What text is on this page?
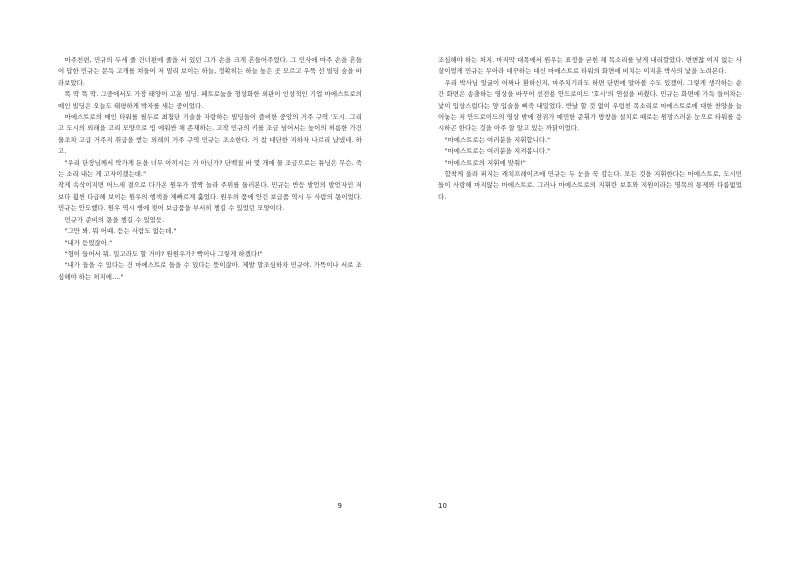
마주친편, 민규의 두세 줄 건너편에 줄을 서 있던 그가 손을 크게 흔들어주었다. 그 인사에 마주 손을 흔들어 답한 민규는 문득 고개를 쳐들어 저 멀리 보이는 하늘, 정확히는 하늘 높은 곳 모르고 우뚝 선 빌딩 숲을 바라보았다.

똑 딱 똑 딱. 그중에서도 가장 태양이 고운 빌딩. 페트로늄을 형상화한 외관이 인상적인 기업 마에스트로의 메인 빌딩은 오늘도 태평하게 박자를 새는 중이었다.

마에스트로의 메인 타워를 필두로 최첨단 기술을 자랑하는 빌딩들이 즐비한 중앙의 거주 구역 '도시. 그리고 도시의 외래을 고리 모양으로 빙 에워싼 채 존재하는, 고작 민규의 키를 조금 넘어서는 높이의 허름한 가건물조차 고급 거주지 취급을 받는 외래의 거주 구역 민규는 조소한다. 거 참 대단한 지하자 나르리 납냈네. 하고.

"우리 단장님께서 악가게 돈을 너무 아끼시는 거 아닌가? 단백질 바 몇 개에 물 조금으로는 튜닝은 무슨. 죽는 소리 내는 게 고자이겠는데."

작게 속삭이지면 어느새 곁으로 다가온 원우가 깜짝 놀라 주위를 둘러본다. 민규는 반등 발언의 발언자인 저보다 훨씬 다급해 보이는 원우의 행색을 제빠르게 훑었다. 원우의 품에 안긴 보급품 역시 두 사람의 몫이었다. 민규는 안도했다. 원우 역시 병에 젖어 보급품을 부서히 챙길 수 있었던 모양이다.

민규가 준비의 몫을 챙길 수 있었듯.

"그만 봐. 뭐 어때. 듣는 사람도 없는데."

"내가 듣었잖아."

"형이 들어서 뭐. 밀고라도 할 거야? 원원우가? 빡이나 그렇게 하겠다!"

"내가 들을 수 있다는 건 마에스트로 들을 수 있다는 뜻이잖아. 제발 말조심하자 민규야. 가뜩이나 서로 조심해야 하는 처지에…."

9

조심해야 하는 처지. 마지막 대목에서 원우는 표정을 굳힌 채 목소리를 낮게 내리깔았다. 변변찮 여지 없는 사살이었게 민규는 무아라 대꾸하는 대신 마에스트로 타워의 화면에 비치는 이지훈 박사의 낯을 노려본다.

우리 박사님 얼굴이 어짜나 환하신지, 마주치기라도 하면 단번에 알아볼 수도 있겠어. 그렇게 생각하는 순간 화면은 송출하는 영상을 바꾸어 선전용 안드로이드 '호시'의 연설을 비췄다. 민규는 화면에 가득 들어차는 낯이 입상스럽다는 양 입술을 삐죽 내밀었다. 반날 할 것 없이 우렁친 목소리로 마에스트로에 대한 찬양을 늘어놓는 저 안드로이드의 영상 밖에 잠궈가 예민한 준휘가 방창을 설치로 때로는 원망스러운 눈으로 타워를 응시하곤 한다는 것을 아주 잘 알고 있는 까닭이었다.

"마에스트로는 여러분을 지휘합니다."

"마에스트로는 여러분을 지켜봅니다."

"마에스트로의 지휘에 맞춰!"

합착게 울려 퍼지는 캐치프레이즈에 민규는 두 눈을 꾹 감는다. 모든 것을 지휘한다는 마에스트로, 도시민들이 사랑해 마지않는 마에스트로. 그러나 마에스트로의 지휘란 보호와 지원이라는 명목의 통제와 다름없었다.

10
